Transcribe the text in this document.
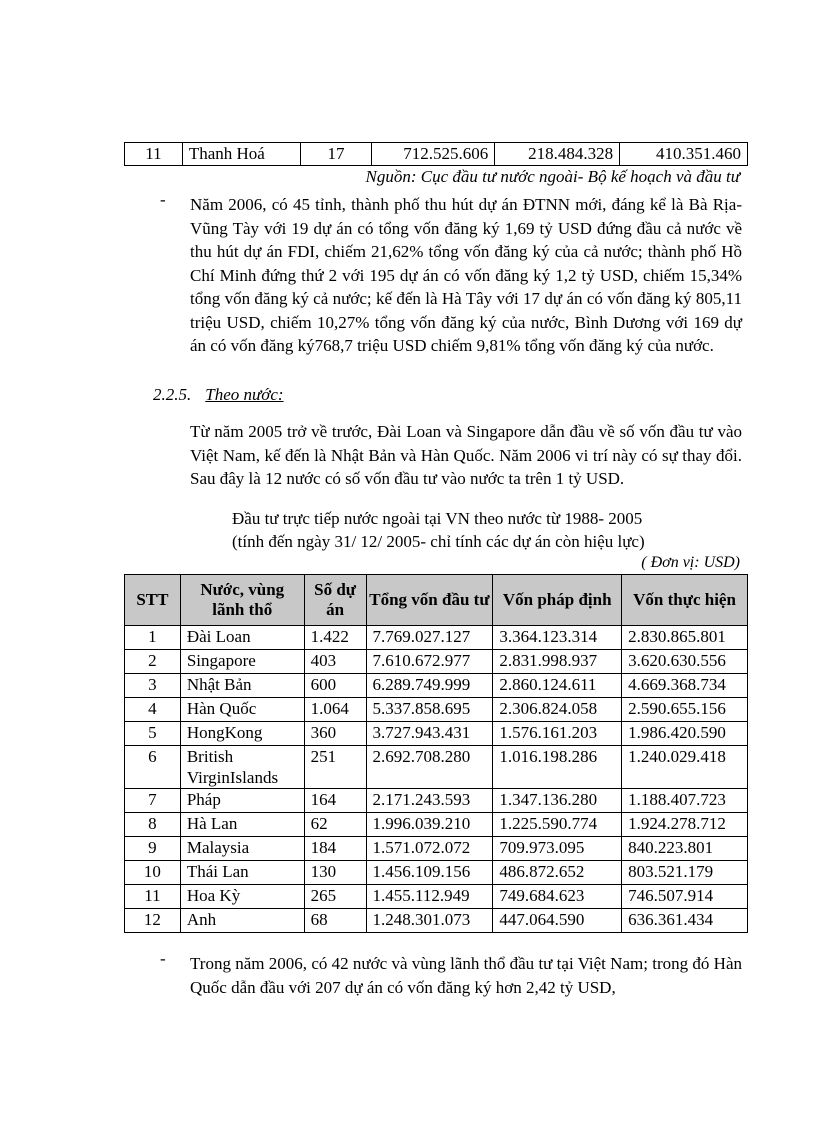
11	Thanh Hoá	17	712.525.606	218.484.328	410.351.460
Nguồn: Cục đầu tư nước ngoài- Bộ kế hoạch và đầu tư
- Năm 2006, có 45 tỉnh, thành phố thu hút dự án ĐTNN mới, đáng kể là Bà Rịa- Vũng Tày với 19 dự án có tổng vốn đăng ký 1,69 tỷ USD đứng đầu cả nước về thu hút dự án FDI, chiếm 21,62% tổng vốn đăng ký của cả nước; thành phố Hồ Chí Minh đứng thứ 2 với 195 dự án có vốn đăng ký 1,2 tỷ USD, chiếm 15,34% tổng vốn đăng ký cả nước; kế đến là Hà Tây với 17 dự án có vốn đăng ký 805,11 triệu USD, chiếm 10,27% tổng vốn đăng ký của nước, Bình Dương với 169 dự án có vốn đăng ký768,7 triệu USD chiếm 9,81% tổng vốn đăng ký của nước.

2.2.5. Theo nước:

Từ năm 2005 trở về trước, Đài Loan và Singapore dẫn đầu về số vốn đầu tư vào Việt Nam, kế đến là Nhật Bản và Hàn Quốc. Năm 2006 vi trí này có sự thay đổi. Sau đây là 12 nước có số vốn đầu tư vào nước ta trên 1 tỷ USD.

Đầu tư trực tiếp nước ngoài tại VN theo nước từ 1988- 2005
(tính đến ngày 31/ 12/ 2005- chỉ tính các dự án còn hiệu lực)
( Đơn vị: USD)
STT	Nước, vùng lãnh thổ	Số dự án	Tổng vốn đầu tư	Vốn pháp định	Vốn thực hiện
1	Đài Loan	1.422	7.769.027.127	3.364.123.314	2.830.865.801
2	Singapore	403	7.610.672.977	2.831.998.937	3.620.630.556
3	Nhật Bản	600	6.289.749.999	2.860.124.611	4.669.368.734
4	Hàn Quốc	1.064	5.337.858.695	2.306.824.058	2.590.655.156
5	HongKong	360	3.727.943.431	1.576.161.203	1.986.420.590
6	British VirginIslands	251	2.692.708.280	1.016.198.286	1.240.029.418
7	Pháp	164	2.171.243.593	1.347.136.280	1.188.407.723
8	Hà Lan	62	1.996.039.210	1.225.590.774	1.924.278.712
9	Malaysia	184	1.571.072.072	709.973.095	840.223.801
10	Thái Lan	130	1.456.109.156	486.872.652	803.521.179
11	Hoa Kỳ	265	1.455.112.949	749.684.623	746.507.914
12	Anh	68	1.248.301.073	447.064.590	636.361.434
- Trong năm 2006, có 42 nước và vùng lãnh thổ đầu tư tại Việt Nam; trong đó Hàn Quốc dẫn đầu với 207 dự án có vốn đăng ký hơn 2,42 tỷ USD,
